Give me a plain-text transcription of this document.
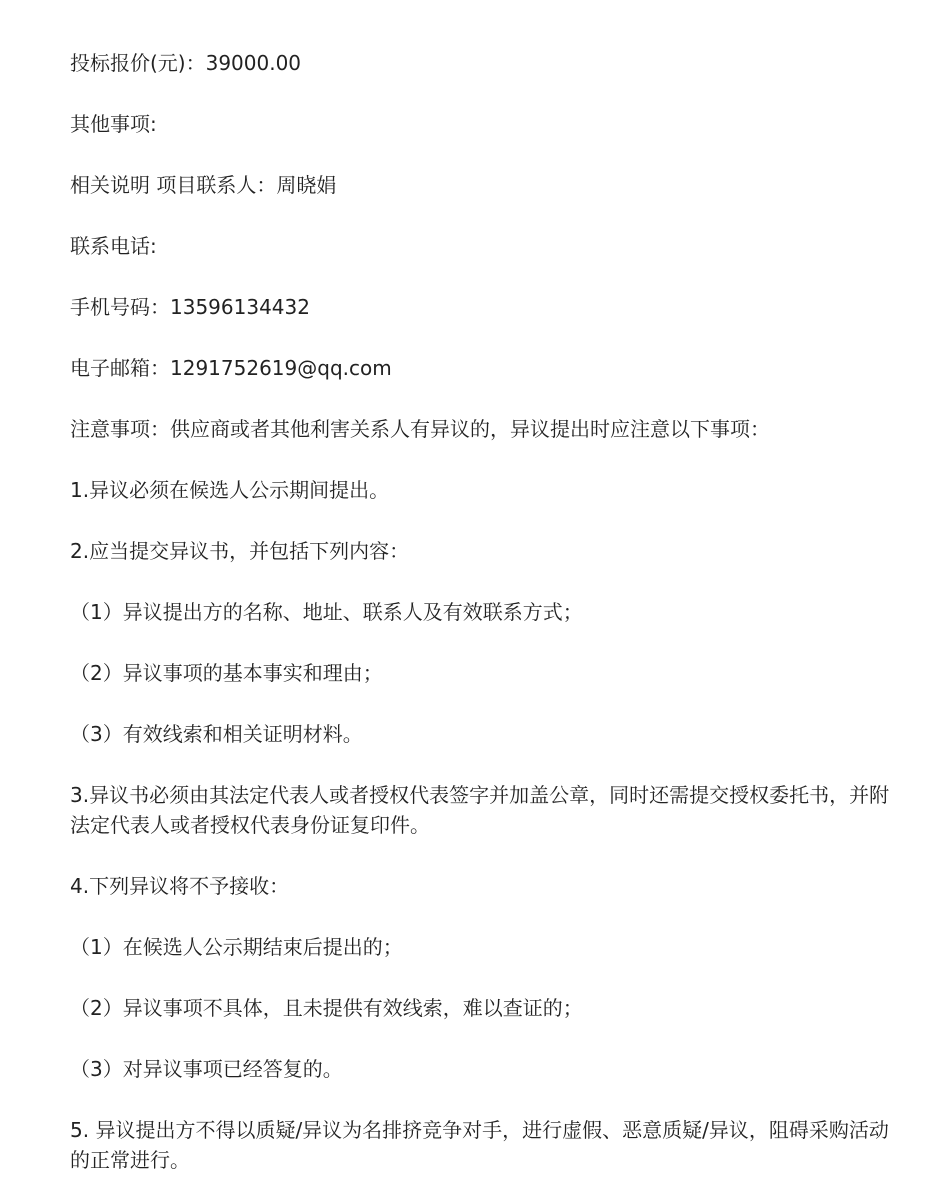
投标报价(元)：39000.00

其他事项:

相关说明 项目联系人：周晓娟

联系电话:

手机号码：13596134432

电子邮箱：1291752619@qq.com

注意事项：供应商或者其他利害关系人有异议的，异议提出时应注意以下事项：

1.异议必须在候选人公示期间提出。

2.应当提交异议书，并包括下列内容：

（1）异议提出方的名称、地址、联系人及有效联系方式；

（2）异议事项的基本事实和理由；

（3）有效线索和相关证明材料。

3.异议书必须由其法定代表人或者授权代表签字并加盖公章，同时还需提交授权委托书，并附法定代表人或者授权代表身份证复印件。

4.下列异议将不予接收：

（1）在候选人公示期结束后提出的；

（2）异议事项不具体，且未提供有效线索，难以查证的；

（3）对异议事项已经答复的。

5. 异议提出方不得以质疑/异议为名排挤竞争对手，进行虚假、恶意质疑/异议，阻碍采购活动的正常进行。
